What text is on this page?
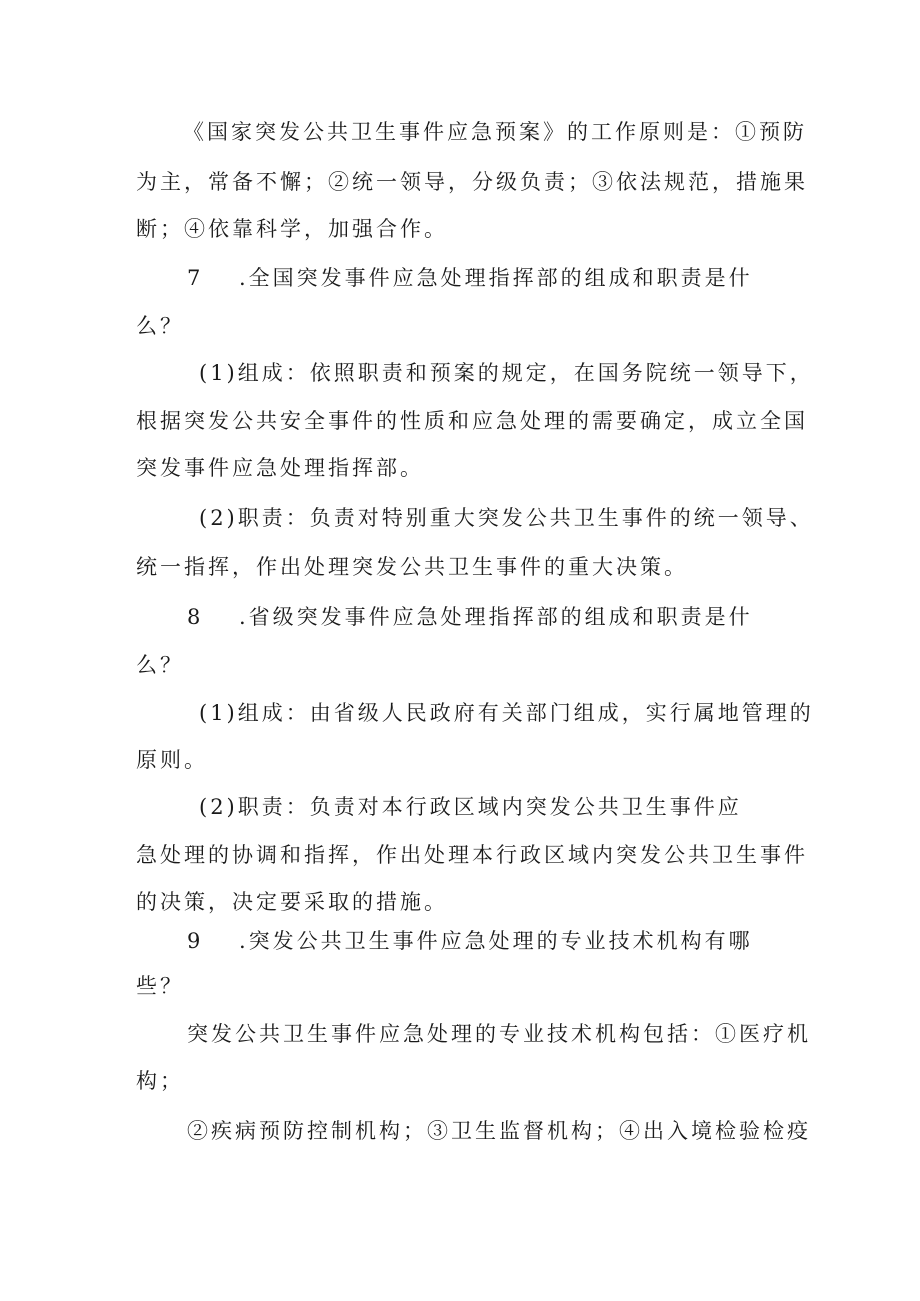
《国家突发公共卫生事件应急预案》的工作原则是：①预防
为主，常备不懈；②统一领导，分级负责；③依法规范，措施果
断；④依靠科学，加强合作。
7 .全国突发事件应急处理指挥部的组成和职责是什
么？
(1)组成：依照职责和预案的规定，在国务院统一领导下，
根据突发公共安全事件的性质和应急处理的需要确定，成立全国
突发事件应急处理指挥部。
(2)职责：负责对特别重大突发公共卫生事件的统一领导、
统一指挥，作出处理突发公共卫生事件的重大决策。
8 .省级突发事件应急处理指挥部的组成和职责是什
么？
(1)组成：由省级人民政府有关部门组成，实行属地管理的
原则。
(2)职责：负责对本行政区域内突发公共卫生事件应
急处理的协调和指挥，作出处理本行政区域内突发公共卫生事件
的决策，决定要采取的措施。
9 .突发公共卫生事件应急处理的专业技术机构有哪
些？
突发公共卫生事件应急处理的专业技术机构包括：①医疗机
构；
②疾病预防控制机构；③卫生监督机构；④出入境检验检疫
